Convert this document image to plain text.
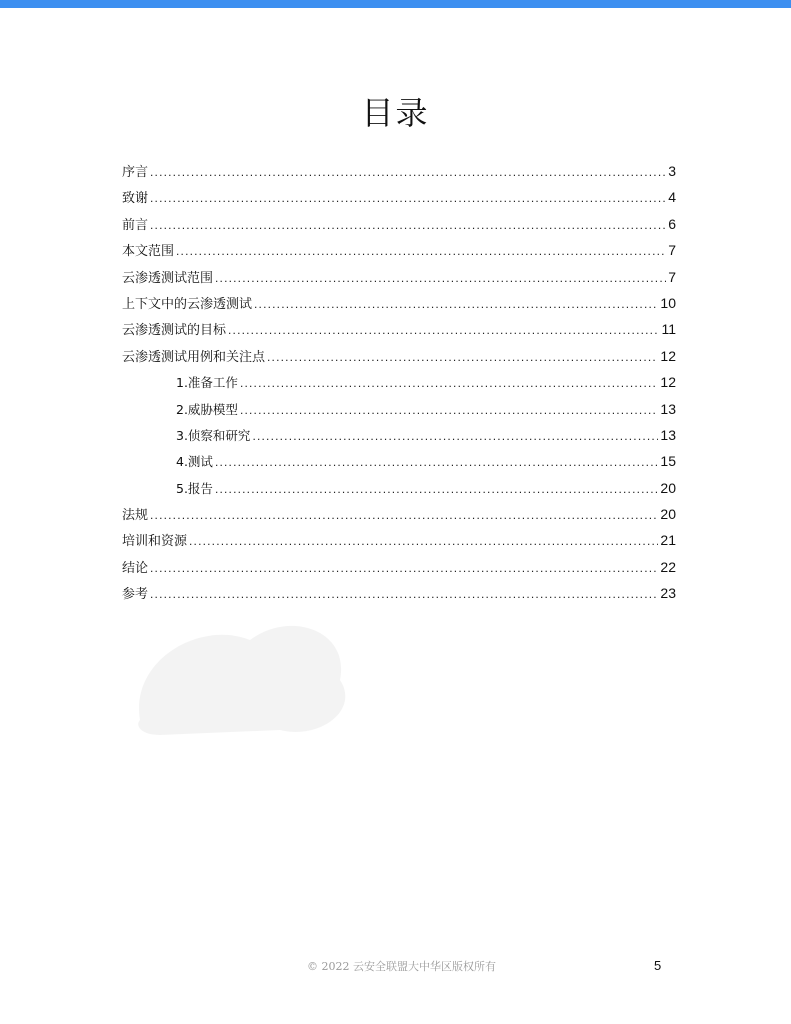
目录
序言 .....	3
致谢 .....	4
前言 .....	6
本文范围 .....	7
云渗透测试范围 .....	7
上下文中的云渗透测试 .....	10
云渗透测试的目标 .....	11
云渗透测试用例和关注点 .....	12
1.准备工作 .....	12
2.威胁模型 .....	13
3.侦察和研究 .....	13
4.测试 .....	15
5.报告 .....	20
法规 .....	20
培训和资源 .....	21
结论 .....	22
参考 .....	23
© 2022 云安全联盟大中华区版权所有	5
